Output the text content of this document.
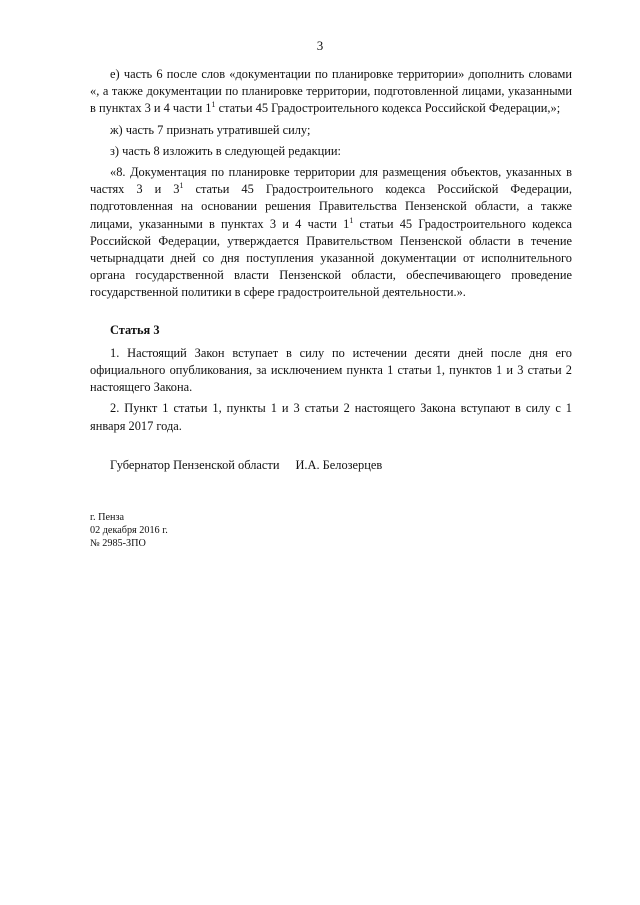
3

е) часть 6 после слов «документации по планировке территории» дополнить словами «, а также документации по планировке территории, подготовленной лицами, указанными в пунктах 3 и 4 части $1^1$ статьи 45 Градостроительного кодекса Российской Федерации,»;

ж) часть 7 признать утратившей силу;

з) часть 8 изложить в следующей редакции:

«8. Документация по планировке территории для размещения объектов, указанных в частях 3 и $3^1$ статьи 45 Градостроительного кодекса Российской Федерации, подготовленная на основании решения Правительства Пензенской области, а также лицами, указанными в пунктах 3 и 4 части $1^1$ статьи 45 Градостроительного кодекса Российской Федерации, утверждается Правительством Пензенской области в течение четырнадцати дней со дня поступления указанной документации от исполнительного органа государственной власти Пензенской области, обеспечивающего проведение государственной политики в сфере градостроительной деятельности.».

Статья 3

1. Настоящий Закон вступает в силу по истечении десяти дней после дня его официального опубликования, за исключением пункта 1 статьи 1, пунктов 1 и 3 статьи 2 настоящего Закона.

2. Пункт 1 статьи 1, пункты 1 и 3 статьи 2 настоящего Закона вступают в силу с 1 января 2017 года.

Губернатор Пензенской области И.А. Белозерцев
г. Пенза
02 декабря 2016 г.
№ 2985-ЗПО
